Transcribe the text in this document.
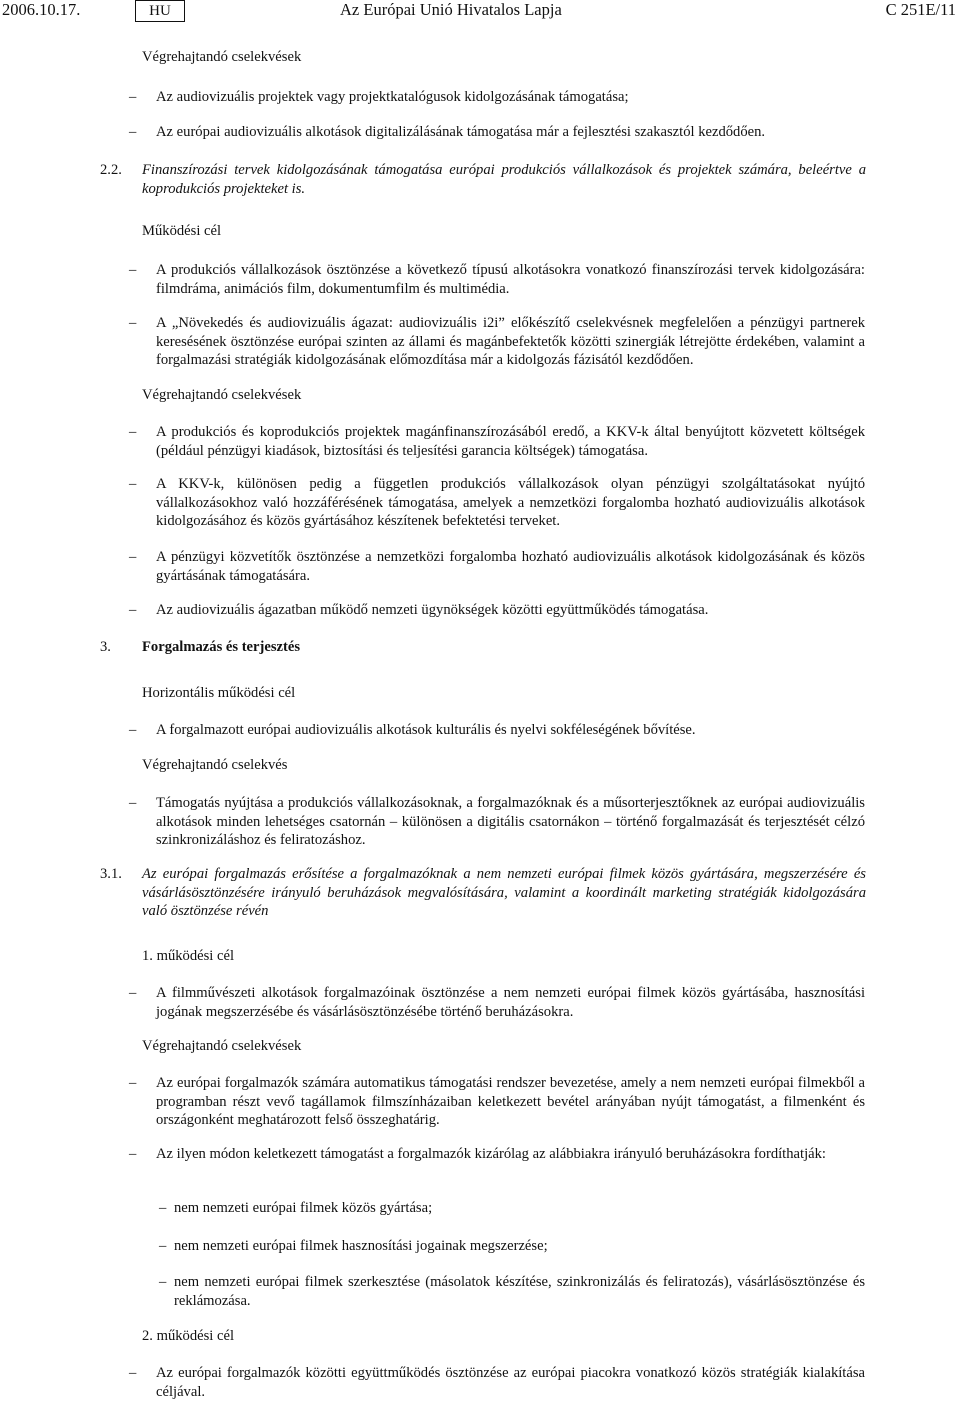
2006.10.17.	HU	Az Európai Unió Hivatalos Lapja	C 251E/11
Végrehajtandó cselekvések
– Az audiovizuális projektek vagy projektkatalógusok kidolgozásának támogatása;
– Az európai audiovizuális alkotások digitalizálásának támogatása már a fejlesztési szakasztól kezdődően.
2.2. Finanszírozási tervek kidolgozásának támogatása európai produkciós vállalkozások és projektek számára, beleértve a koprodukciós projekteket is.
Működési cél
– A produkciós vállalkozások ösztönzése a következő típusú alkotásokra vonatkozó finanszírozási tervek kidolgozására: filmdráma, animációs film, dokumentumfilm és multimédia.
– A „Növekedés és audiovizuális ágazat: audiovizuális i2i” előkészítő cselekvésnek megfelelően a pénzügyi partnerek keresésének ösztönzése európai szinten az állami és magánbefektetők közötti szinergiák létrejötte érdekében, valamint a forgalmazási stratégiák kidolgozásának előmozdítása már a kidolgozás fázisától kezdődően.
Végrehajtandó cselekvések
– A produkciós és koprodukciós projektek magánfinanszírozásából eredő, a KKV-k által benyújtott közvetett költségek (például pénzügyi kiadások, biztosítási és teljesítési garancia költségek) támogatása.
– A KKV-k, különösen pedig a független produkciós vállalkozások olyan pénzügyi szolgáltatásokat nyújtó vállalkozásokhoz való hozzáférésének támogatása, amelyek a nemzetközi forgalomba hozható audiovizuális alkotások kidolgozásához és közös gyártásához készítenek befektetési terveket.
– A pénzügyi közvetítők ösztönzése a nemzetközi forgalomba hozható audiovizuális alkotások kidolgozásának és közös gyártásának támogatására.
– Az audiovizuális ágazatban működő nemzeti ügynökségek közötti együttműködés támogatása.
3. Forgalmazás és terjesztés
Horizontális működési cél
– A forgalmazott európai audiovizuális alkotások kulturális és nyelvi sokféleségének bővítése.
Végrehajtandó cselekvés
– Támogatás nyújtása a produkciós vállalkozásoknak, a forgalmazóknak és a műsorterjesztőknek az európai audiovizuális alkotások minden lehetséges csatornán – különösen a digitális csatornákon – történő forgalmazását és terjesztését célzó szinkronizáláshoz és feliratozáshoz.
3.1. Az európai forgalmazás erősítése a forgalmazóknak a nem nemzeti európai filmek közös gyártására, megszerzésére és vásárlásösztönzésére irányuló beruházások megvalósítására, valamint a koordinált marketing stratégiák kidolgozására való ösztönzése révén
1. működési cél
– A filmművészeti alkotások forgalmazóinak ösztönzése a nem nemzeti európai filmek közös gyártásába, hasznosítási jogának megszerzésébe és vásárlásösztönzésébe történő beruházásokra.
Végrehajtandó cselekvések
– Az európai forgalmazók számára automatikus támogatási rendszer bevezetése, amely a nem nemzeti európai filmekből a programban részt vevő tagállamok filmszínházaiban keletkezett bevétel arányában nyújt támogatást, a filmenként és országonként meghatározott felső összeghatárig.
– Az ilyen módon keletkezett támogatást a forgalmazók kizárólag az alábbiakra irányuló beruházásokra fordíthatják:
– nem nemzeti európai filmek közös gyártása;
– nem nemzeti európai filmek hasznosítási jogainak megszerzése;
– nem nemzeti európai filmek szerkesztése (másolatok készítése, szinkronizálás és feliratozás), vásárlásösztönzése és reklámozása.
2. működési cél
– Az európai forgalmazók közötti együttműködés ösztönzése az európai piacokra vonatkozó közös stratégiák kialakítása céljával.
